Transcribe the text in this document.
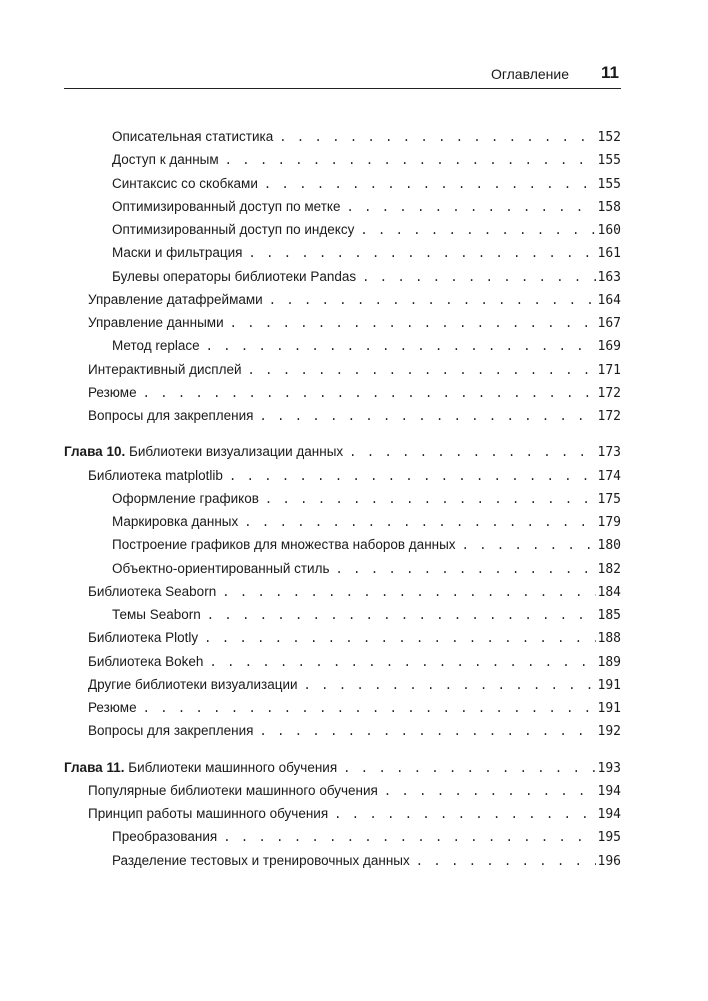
Оглавление 11
Описательная статистика . . .	152
Доступ к данным . . .	155
Синтаксис со скобками . . .	155
Оптимизированный доступ по метке . . .	158
Оптимизированный доступ по индексу . . .	160
Маски и фильтрация . . .	161
Булевы операторы библиотеки Pandas . . .	163
Управление датафреймами . . .	164
Управление данными . . .	167
Метод replace . . .	169
Интерактивный дисплей . . .	171
Резюме . . .	172
Вопросы для закрепления . . .	172
Глава 10. Библиотеки визуализации данных . . .	173
Библиотека matplotlib . . .	174
Оформление графиков . . .	175
Маркировка данных . . .	179
Построение графиков для множества наборов данных . . .	180
Объектно-ориентированный стиль . . .	182
Библиотека Seaborn . . .	184
Темы Seaborn . . .	185
Библиотека Plotly . . .	188
Библиотека Bokeh . . .	189
Другие библиотеки визуализации . . .	191
Резюме . . .	191
Вопросы для закрепления . . .	192
Глава 11. Библиотеки машинного обучения . . .	193
Популярные библиотеки машинного обучения . . .	194
Принцип работы машинного обучения . . .	194
Преобразования . . .	195
Разделение тестовых и тренировочных данных . . .	196
